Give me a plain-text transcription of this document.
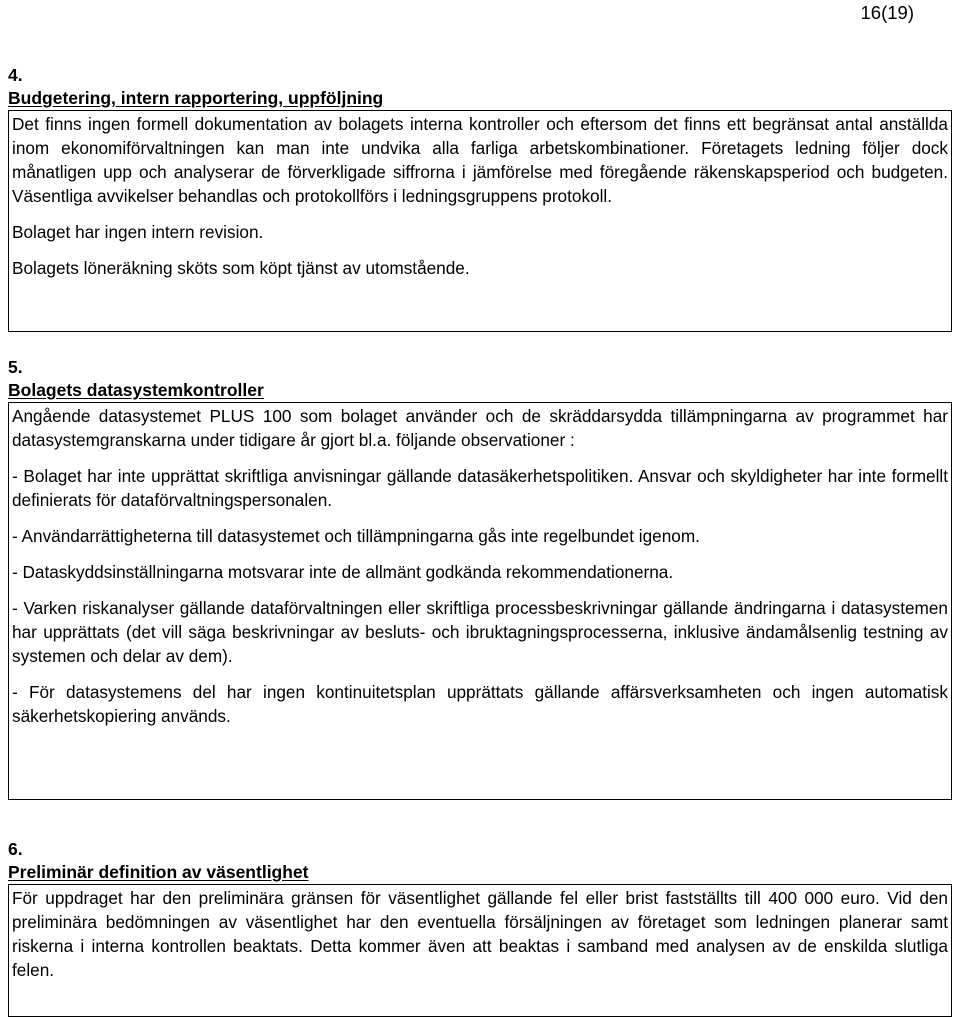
16(19)
4.
Budgetering, intern rapportering, uppföljning

Det finns ingen formell dokumentation av bolagets interna kontroller och eftersom det finns ett begränsat antal anställda inom ekonomiförvaltningen kan man inte undvika alla farliga arbetskombinationer. Företagets ledning följer dock månatligen upp och analyserar de förverkligade siffrorna i jämförelse med föregående räkenskapsperiod och budgeten. Väsentliga avvikelser behandlas och protokollförs i ledningsgruppens protokoll.

Bolaget har ingen intern revision.

Bolagets löneräkning sköts som köpt tjänst av utomstående.

5.
Bolagets datasystemkontroller

Angående datasystemet PLUS 100 som bolaget använder och de skräddarsydda tillämpningarna av programmet har datasystemgranskarna under tidigare år gjort bl.a. följande observationer :

- Bolaget har inte upprättat skriftliga anvisningar gällande datasäkerhetspolitiken. Ansvar och skyldigheter har inte formellt definierats för dataförvaltningspersonalen.

- Användarrättigheterna till datasystemet och tillämpningarna gås inte regelbundet igenom.

- Dataskyddsinställningarna motsvarar inte de allmänt godkända rekommendationerna.

- Varken riskanalyser gällande dataförvaltningen eller skriftliga processbeskrivningar gällande ändringarna i datasystemen har upprättats (det vill säga beskrivningar av besluts- och ibruktagningsprocesserna, inklusive ändamålsenlig testning av systemen och delar av dem).

- För datasystemens del har ingen kontinuitetsplan upprättats gällande affärsverksamheten och ingen automatisk säkerhetskopiering används.

6.
Preliminär definition av väsentlighet

För uppdraget har den preliminära gränsen för väsentlighet gällande fel eller brist fastställts till 400 000 euro. Vid den preliminära bedömningen av väsentlighet har den eventuella försäljningen av företaget som ledningen planerar samt riskerna i interna kontrollen beaktats. Detta kommer även att beaktas i samband med analysen av de enskilda slutliga felen.
